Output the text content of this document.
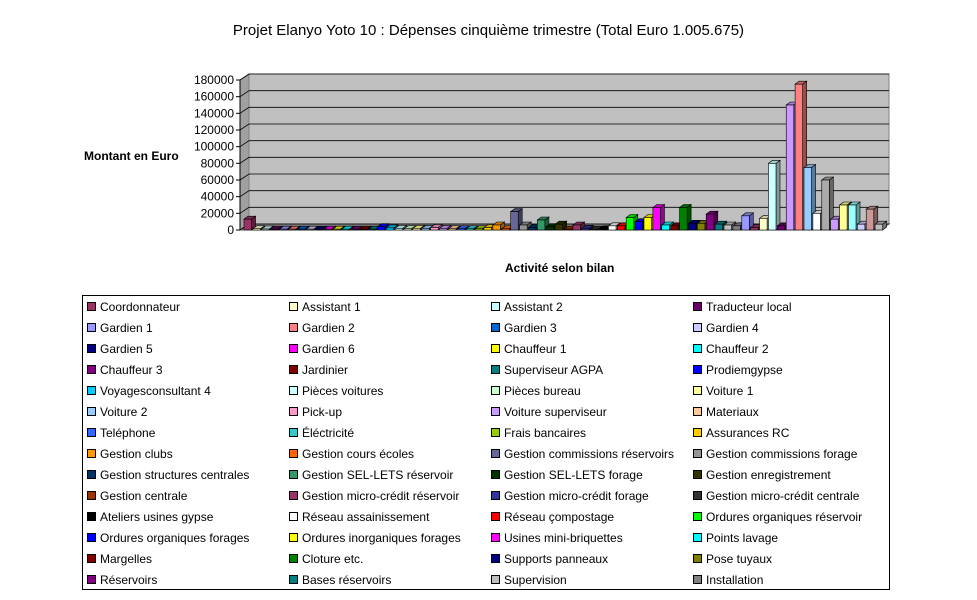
Projet Elanyo Yoto 10 : Dépenses cinquième trimestre (Total Euro 1.005.675)
Montant en Euro
Activité selon bilan
0
20000
40000
60000
80000
100000
120000
140000
160000
180000
Coordonnateur	Assistant 1	Assistant 2	Traducteur local
Gardien 1	Gardien 2	Gardien 3	Gardien 4
Gardien 5	Gardien 6	Chauffeur 1	Chauffeur 2
Chauffeur 3	Jardinier	Superviseur AGPA	Prodiemgypse
Voyagesconsultant 4	Pièces voitures	Pièces bureau	Voiture 1
Voiture 2	Pick-up	Voiture superviseur	Materiaux
Teléphone	Éléctricité	Frais bancaires	Assurances RC
Gestion clubs	Gestion cours écoles	Gestion commissions réservoirs	Gestion commissions forage
Gestion structures centrales	Gestion SEL-LETS réservoir	Gestion SEL-LETS forage	Gestion enregistrement
Gestion centrale	Gestion micro-crédit réservoir	Gestion micro-crédit forage	Gestion micro-crédit centrale
Ateliers usines gypse	Réseau assainissement	Réseau çompostage	Ordures organiques réservoir
Ordures organiques forages	Ordures inorganiques forages	Usines mini-briquettes	Points lavage
Margelles	Cloture etc.	Supports panneaux	Pose tuyaux
Réservoirs	Bases réservoirs	Supervision	Installation
